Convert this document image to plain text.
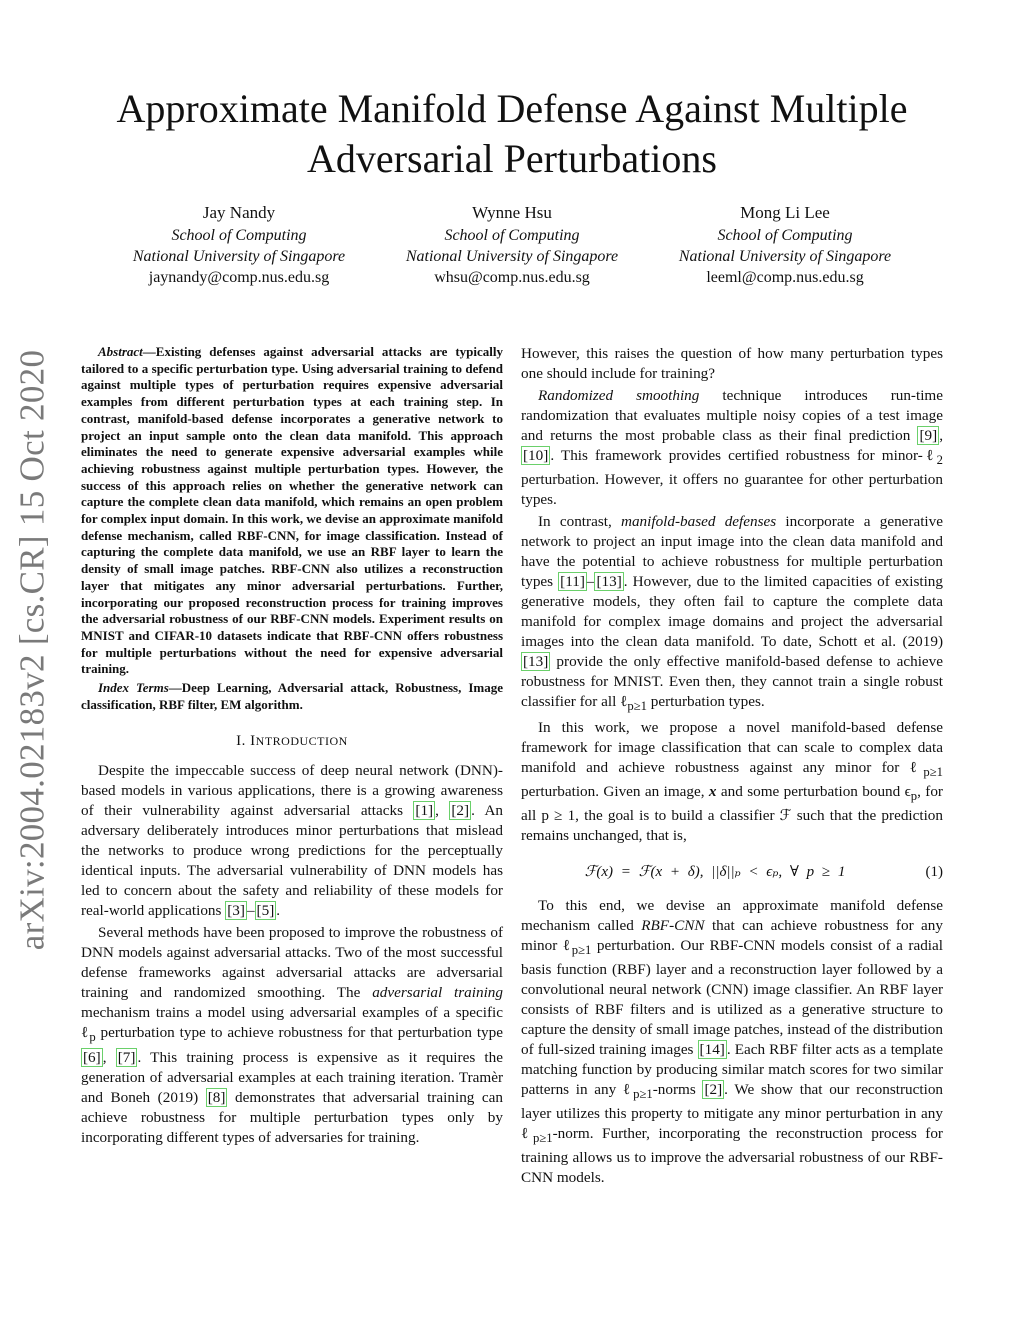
arXiv:2004.02183v2 [cs.CR] 15 Oct 2020
Approximate Manifold Defense Against Multiple Adversarial Perturbations
Jay Nandy
School of Computing
National University of Singapore
jaynandy@comp.nus.edu.sg
Wynne Hsu
School of Computing
National University of Singapore
whsu@comp.nus.edu.sg
Mong Li Lee
School of Computing
National University of Singapore
leeml@comp.nus.edu.sg

Abstract—Existing defenses against adversarial attacks are typically tailored to a specific perturbation type. Using adversarial training to defend against multiple types of perturbation requires expensive adversarial examples from different perturbation types at each training step. In contrast, manifold-based defense incorporates a generative network to project an input sample onto the clean data manifold. This approach eliminates the need to generate expensive adversarial examples while achieving robustness against multiple perturbation types. However, the success of this approach relies on whether the generative network can capture the complete clean data manifold, which remains an open problem for complex input domain. In this work, we devise an approximate manifold defense mechanism, called RBF-CNN, for image classification. Instead of capturing the complete data manifold, we use an RBF layer to learn the density of small image patches. RBF-CNN also utilizes a reconstruction layer that mitigates any minor adversarial perturbations. Further, incorporating our proposed reconstruction process for training improves the adversarial robustness of our RBF-CNN models. Experiment results on MNIST and CIFAR-10 datasets indicate that RBF-CNN offers robustness for multiple perturbations without the need for expensive adversarial training.

Index Terms—Deep Learning, Adversarial attack, Robustness, Image classification, RBF filter, EM algorithm.

I. INTRODUCTION

Despite the impeccable success of deep neural network (DNN)-based models in various applications, there is a growing awareness of their vulnerability against adversarial attacks [1] , [2] . An adversary deliberately introduces minor perturbations that mislead the networks to produce wrong predictions for the perceptually identical inputs. The adversarial vulnerability of DNN models has led to concern about the safety and reliability of these models for real-world applications [3] – [5] .

Several methods have been proposed to improve the robustness of DNN models against adversarial attacks. Two of the most successful defense frameworks against adversarial attacks are adversarial training and randomized smoothing. The adversarial training mechanism trains a model using adversarial examples of a specific ℓ$_p$ perturbation type to achieve robustness for that perturbation type [6] , [7] . This training process is expensive as it requires the generation of adversarial examples at each training iteration. Tramèr and Boneh (2019) [8] demonstrates that adversarial training can achieve robustness for multiple perturbation types only by incorporating different types of adversaries for training.

However, this raises the question of how many perturbation types one should include for training?

Randomized smoothing technique introduces run-time randomization that evaluates multiple noisy copies of a test image and returns the most probable class as their final prediction [9] , [10] . This framework provides certified robustness for minor-ℓ$_2$ perturbation. However, it offers no guarantee for other perturbation types.

In contrast, manifold-based defenses incorporate a generative network to project an input image into the clean data manifold and have the potential to achieve robustness for multiple perturbation types [11] – [13] . However, due to the limited capacities of existing generative models, they often fail to capture the complete data manifold for complex image domains and project the adversarial images into the clean data manifold. To date, Schott et al. (2019) [13] provide the only effective manifold-based defense to achieve robustness for MNIST. Even then, they cannot train a single robust classifier for all ℓ$_{p\ge 1}$ perturbation types.

In this work, we propose a novel manifold-based defense framework for image classification that can scale to complex data manifold and achieve robustness against any minor for ℓ$_{p\ge 1}$ perturbation. Given an image, x and some perturbation bound $\epsilon_p$, for all p ≥ 1, the goal is to build a classifier ℱ such that the prediction remains unchanged, that is,

ℱ(x) = ℱ(x + δ), ||δ||ₚ < ϵₚ, ∀ p ≥ 1	(1)

To this end, we devise an approximate manifold defense mechanism called RBF-CNN that can achieve robustness for any minor ℓ$_{p\ge 1}$ perturbation. Our RBF-CNN models consist of a radial basis function (RBF) layer and a reconstruction layer followed by a convolutional neural network (CNN) image classifier. An RBF layer consists of RBF filters and is utilized as a generative structure to capture the density of small image patches, instead of the distribution of full-sized training images [14] . Each RBF filter acts as a template matching function by producing similar match scores for two similar patterns in any ℓ$_{p\ge 1}$-norms [2] . We show that our reconstruction layer utilizes this property to mitigate any minor perturbation in any ℓ$_{p\ge 1}$-norm. Further, incorporating the reconstruction process for training allows us to improve the adversarial robustness of our RBF-CNN models.
